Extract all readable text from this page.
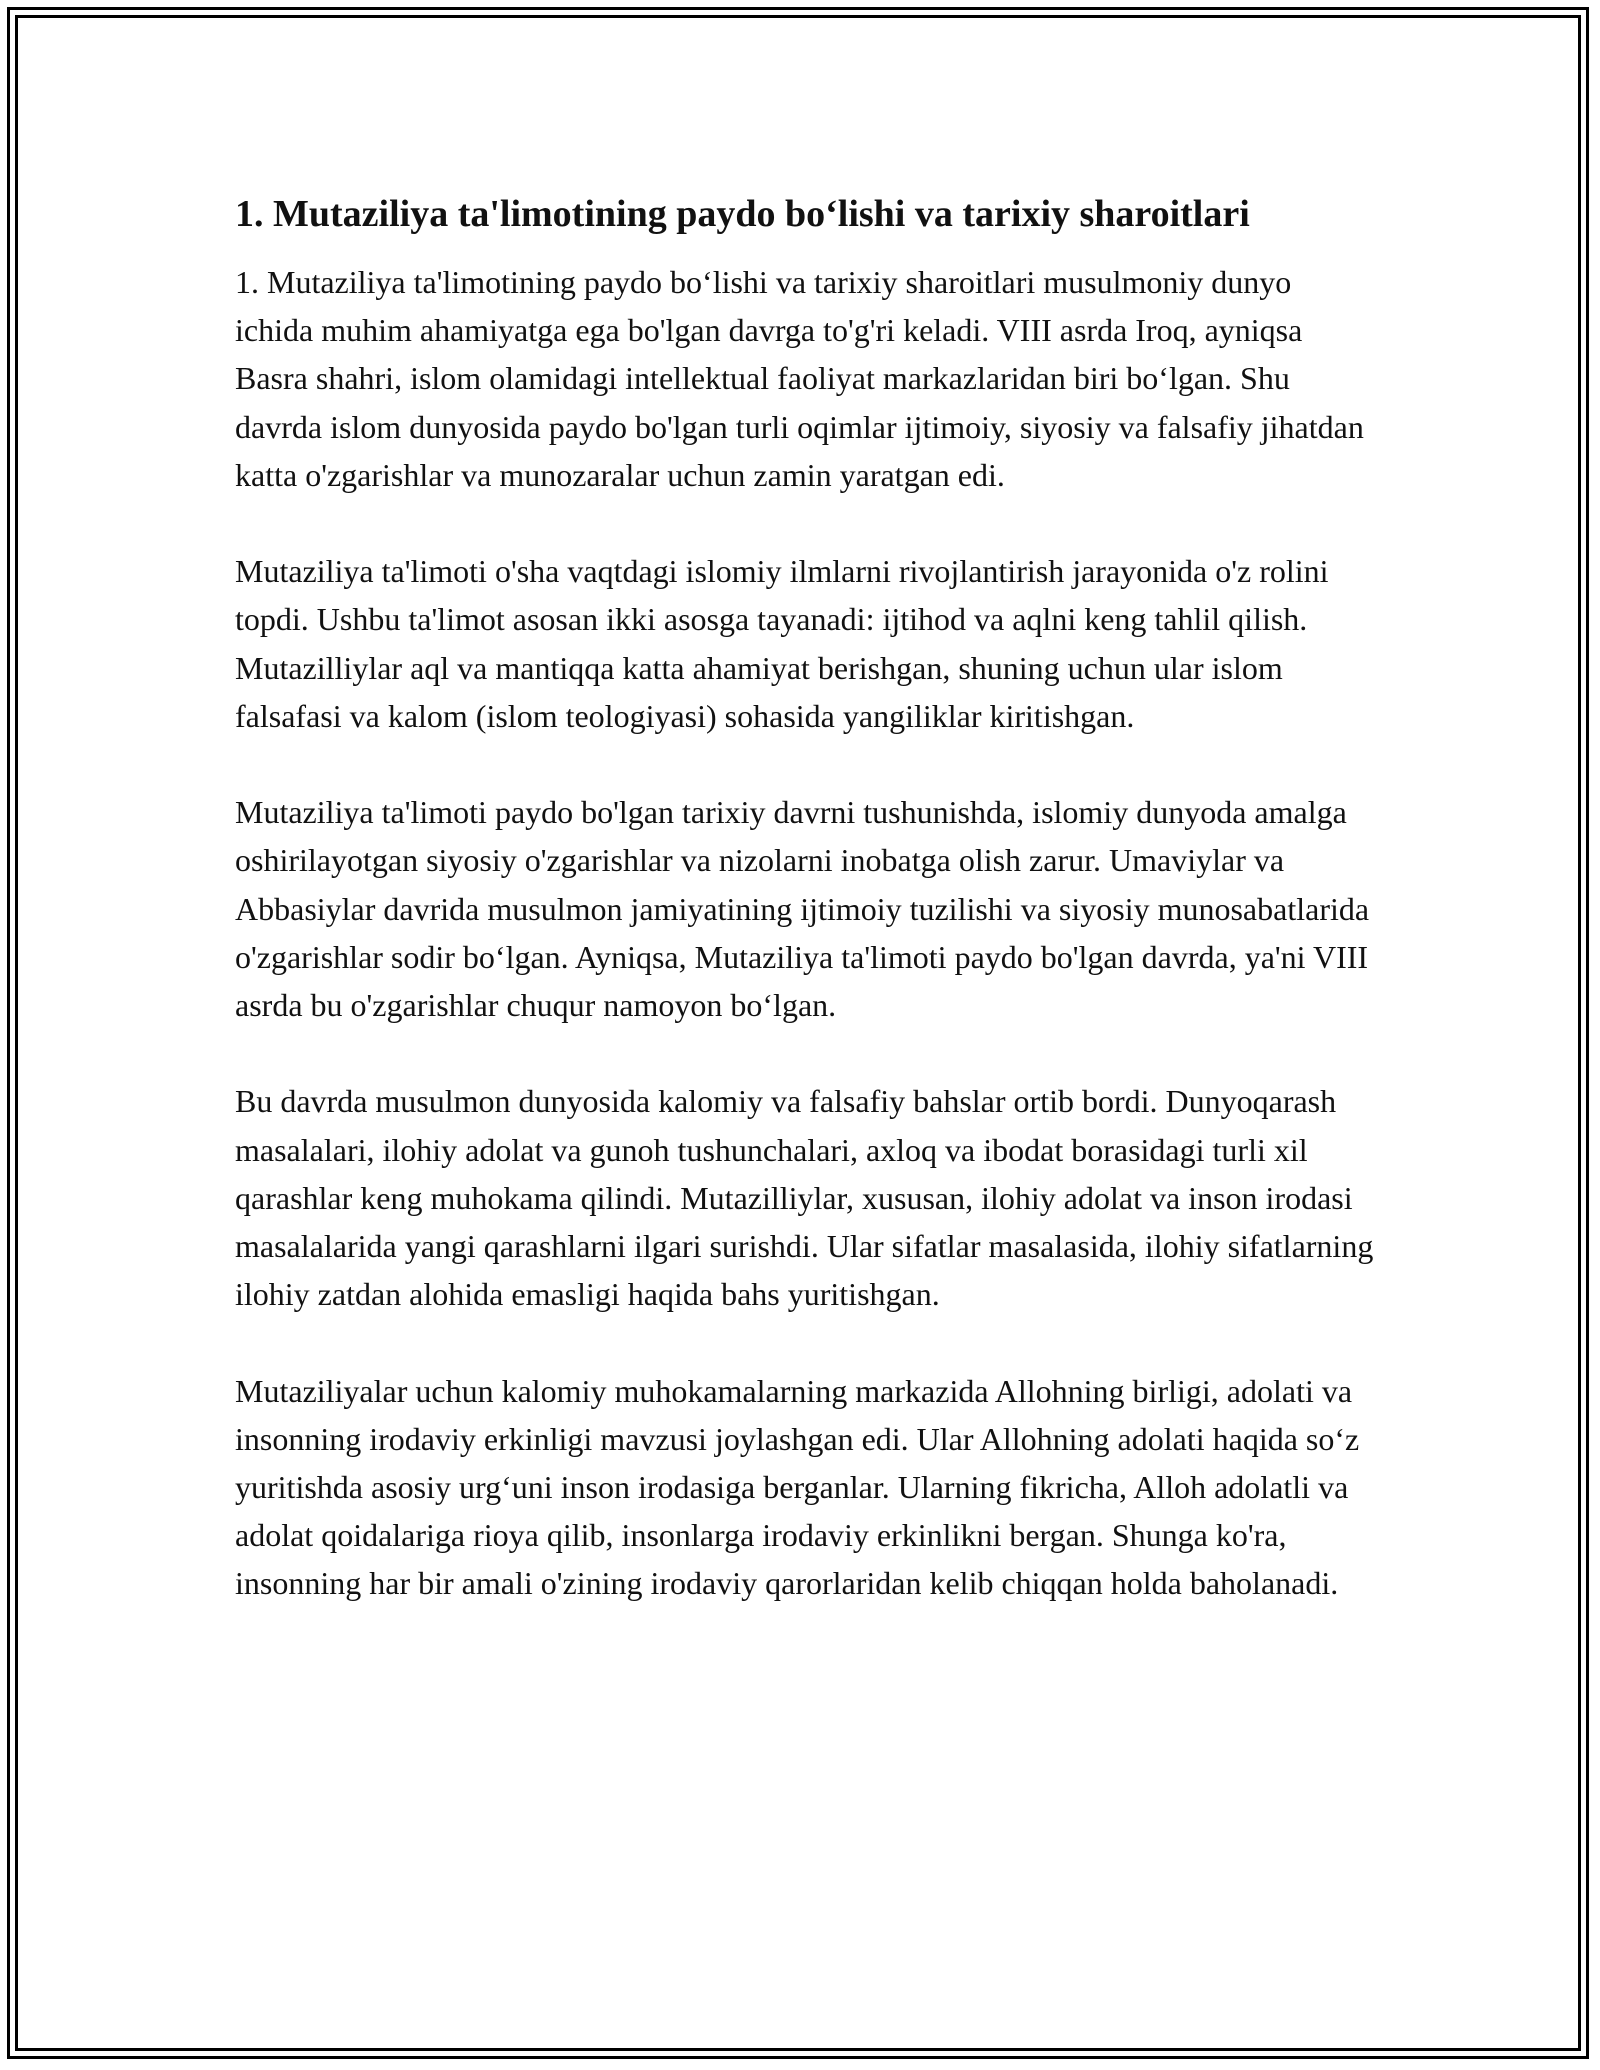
1. Mutaziliya ta'limotining paydo bo‘lishi va tarixiy sharoitlari

1. Mutaziliya ta'limotining paydo bo‘lishi va tarixiy sharoitlari musulmoniy dunyo ichida muhim ahamiyatga ega bo'lgan davrga to'g'ri keladi. VIII asrda Iroq, ayniqsa Basra shahri, islom olamidagi intellektual faoliyat markazlaridan biri bo‘lgan. Shu davrda islom dunyosida paydo bo'lgan turli oqimlar ijtimoiy, siyosiy va falsafiy jihatdan katta o'zgarishlar va munozaralar uchun zamin yaratgan edi.

Mutaziliya ta'limoti o'sha vaqtdagi islomiy ilmlarni rivojlantirish jarayonida o'z rolini topdi. Ushbu ta'limot asosan ikki asosga tayanadi: ijtihod va aqlni keng tahlil qilish. Mutazilliylar aql va mantiqqa katta ahamiyat berishgan, shuning uchun ular islom falsafasi va kalom (islom teologiyasi) sohasida yangiliklar kiritishgan.

Mutaziliya ta'limoti paydo bo'lgan tarixiy davrni tushunishda, islomiy dunyoda amalga oshirilayotgan siyosiy o'zgarishlar va nizolarni inobatga olish zarur. Umaviylar va Abbasiylar davrida musulmon jamiyatining ijtimoiy tuzilishi va siyosiy munosabatlarida o'zgarishlar sodir bo‘lgan. Ayniqsa, Mutaziliya ta'limoti paydo bo'lgan davrda, ya'ni VIII asrda bu o'zgarishlar chuqur namoyon bo‘lgan.

Bu davrda musulmon dunyosida kalomiy va falsafiy bahslar ortib bordi. Dunyoqarash masalalari, ilohiy adolat va gunoh tushunchalari, axloq va ibodat borasidagi turli xil qarashlar keng muhokama qilindi. Mutazilliylar, xususan, ilohiy adolat va inson irodasi masalalarida yangi qarashlarni ilgari surishdi. Ular sifatlar masalasida, ilohiy sifatlarning ilohiy zatdan alohida emasligi haqida bahs yuritishgan.

Mutaziliyalar uchun kalomiy muhokamalarning markazida Allohning birligi, adolati va insonning irodaviy erkinligi mavzusi joylashgan edi. Ular Allohning adolati haqida so‘z yuritishda asosiy urg‘uni inson irodasiga berganlar. Ularning fikricha, Alloh adolatli va adolat qoidalariga rioya qilib, insonlarga irodaviy erkinlikni bergan. Shunga ko'ra, insonning har bir amali o'zining irodaviy qarorlaridan kelib chiqqan holda baholanadi.
